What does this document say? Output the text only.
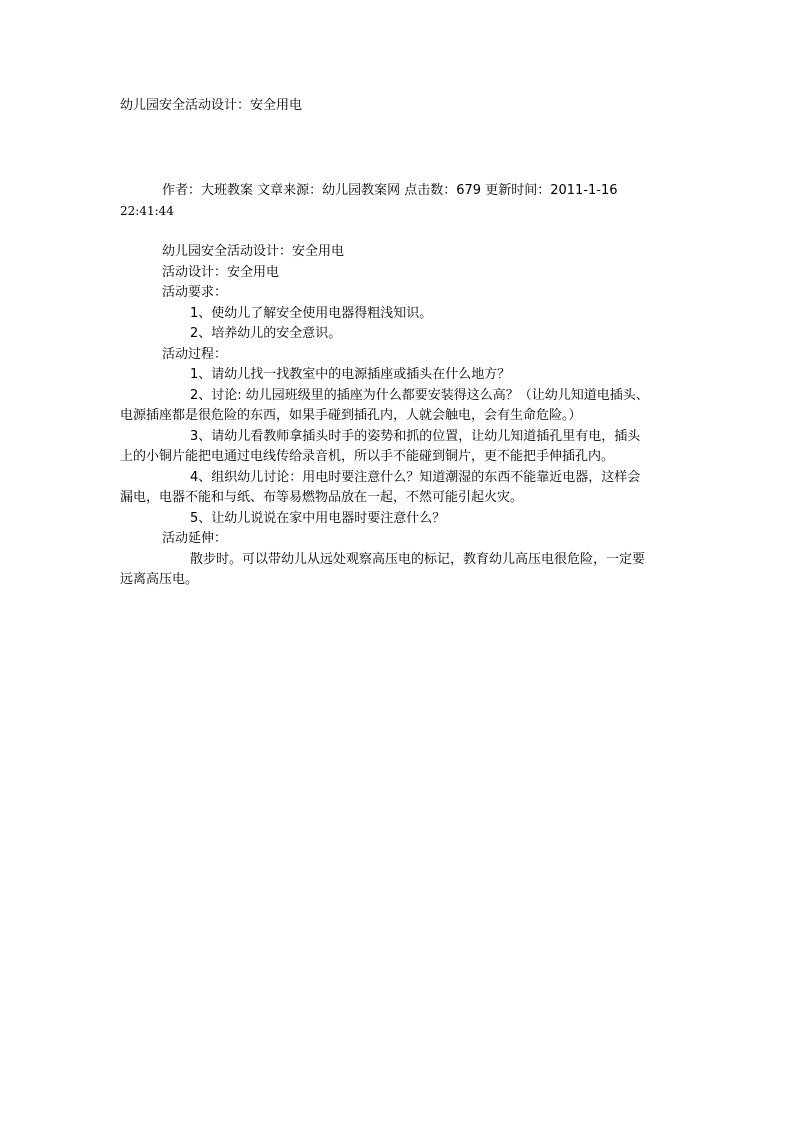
幼儿园安全活动设计：安全用电
作者：大班教案 文章来源：幼儿园教案网 点击数：679 更新时间：2011-1-16
22:41:44
幼儿园安全活动设计：安全用电
活动设计：安全用电
活动要求：
1、使幼儿了解安全使用电器得粗浅知识。
2、培养幼儿的安全意识。
活动过程：
1、请幼儿找一找教室中的电源插座或插头在什么地方？
2、讨论: 幼儿园班级里的插座为什么都要安装得这么高？（让幼儿知道电插头、
电源插座都是很危险的东西，如果手碰到插孔内，人就会触电，会有生命危险。）
3、请幼儿看教师拿插头时手的姿势和抓的位置，让幼儿知道插孔里有电，插头
上的小铜片能把电通过电线传给录音机，所以手不能碰到铜片，更不能把手伸插孔内。
4、组织幼儿讨论：用电时要注意什么？知道潮湿的东西不能靠近电器，这样会
漏电，电器不能和与纸、布等易燃物品放在一起，不然可能引起火灾。
5、让幼儿说说在家中用电器时要注意什么？
活动延伸：
散步时。可以带幼儿从远处观察高压电的标记，教育幼儿高压电很危险，一定要
远离高压电。
